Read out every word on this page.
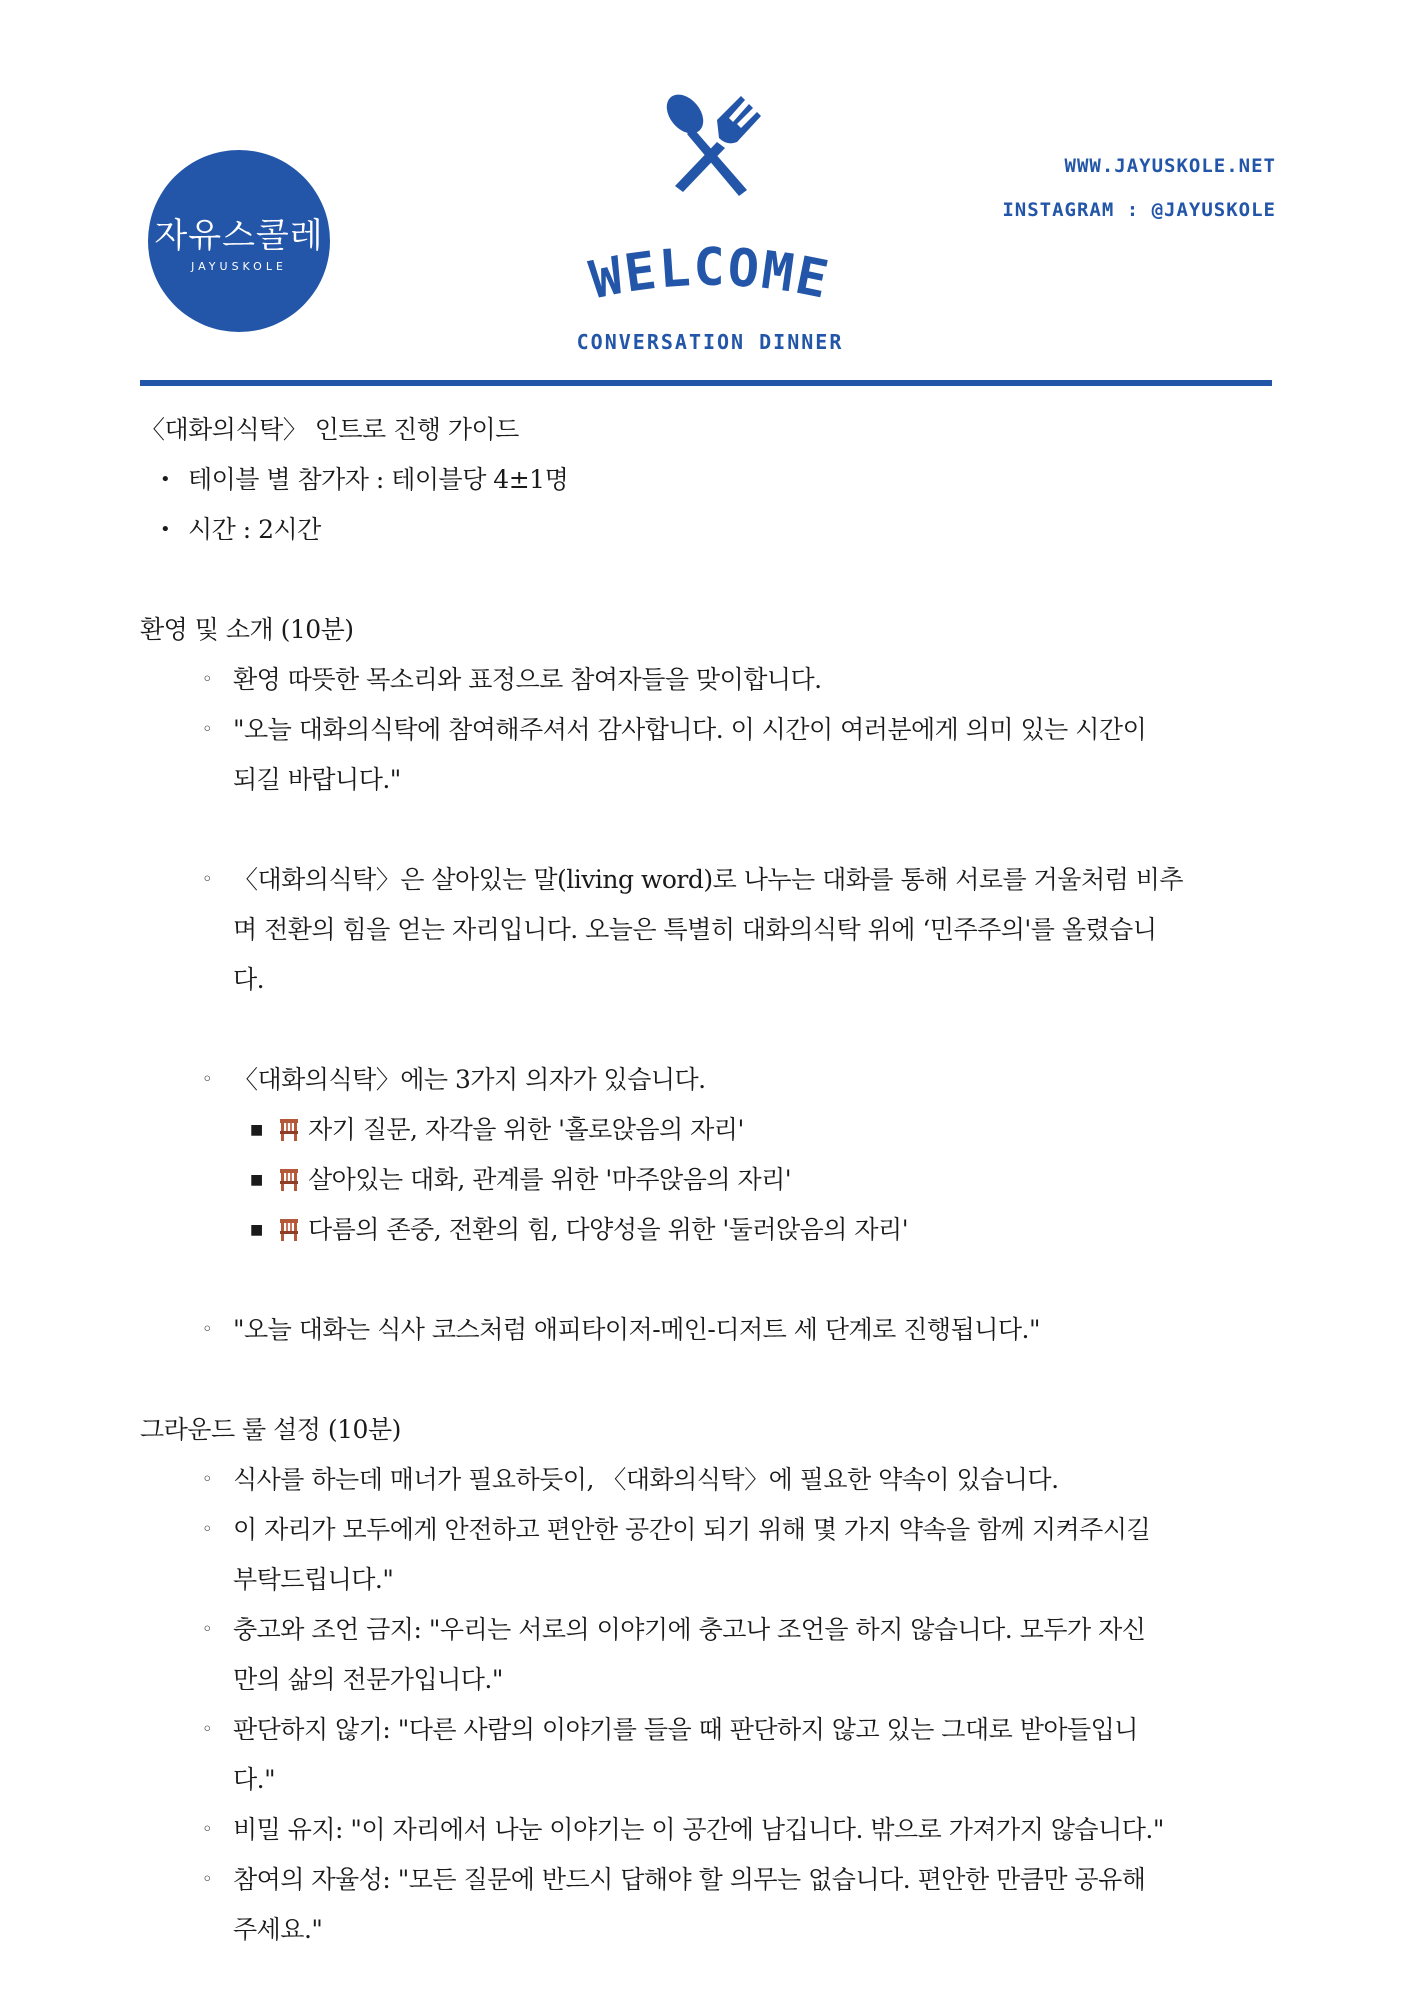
자유스콜레
JAYUSKOLE	WELCOME
CONVERSATION DINNER
WWW.JAYUSKOLE.NET
INSTAGRAM : @JAYUSKOLE
〈대화의식탁〉 인트로 진행 가이드
• 테이블 별 참가자 : 테이블당 4±1명
• 시간 : 2시간
환영 및 소개 (10분)
◦ 환영 따뜻한 목소리와 표정으로 참여자들을 맞이합니다.
◦ "오늘 대화의식탁에 참여해주셔서 감사합니다. 이 시간이 여러분에게 의미 있는 시간이
되길 바랍니다."
◦ 〈대화의식탁〉은 살아있는 말(living word)로 나누는 대화를 통해 서로를 거울처럼 비추
며 전환의 힘을 얻는 자리입니다. 오늘은 특별히 대화의식탁 위에 ‘민주주의'를 올렸습니
다.
◦ 〈대화의식탁〉에는 3가지 의자가 있습니다.
■ 자기 질문, 자각을 위한 '홀로앉음의 자리'
■ 살아있는 대화, 관계를 위한 '마주앉음의 자리'
■ 다름의 존중, 전환의 힘, 다양성을 위한 '둘러앉음의 자리'
◦ "오늘 대화는 식사 코스처럼 애피타이저-메인-디저트 세 단계로 진행됩니다."
그라운드 룰 설정 (10분)
◦ 식사를 하는데 매너가 필요하듯이, 〈대화의식탁〉에 필요한 약속이 있습니다.
◦ 이 자리가 모두에게 안전하고 편안한 공간이 되기 위해 몇 가지 약속을 함께 지켜주시길
부탁드립니다."
◦ 충고와 조언 금지: "우리는 서로의 이야기에 충고나 조언을 하지 않습니다. 모두가 자신
만의 삶의 전문가입니다."
◦ 판단하지 않기: "다른 사람의 이야기를 들을 때 판단하지 않고 있는 그대로 받아들입니
다."
◦ 비밀 유지: "이 자리에서 나눈 이야기는 이 공간에 남깁니다. 밖으로 가져가지 않습니다."
◦ 참여의 자율성: "모든 질문에 반드시 답해야 할 의무는 없습니다. 편안한 만큼만 공유해
주세요."
